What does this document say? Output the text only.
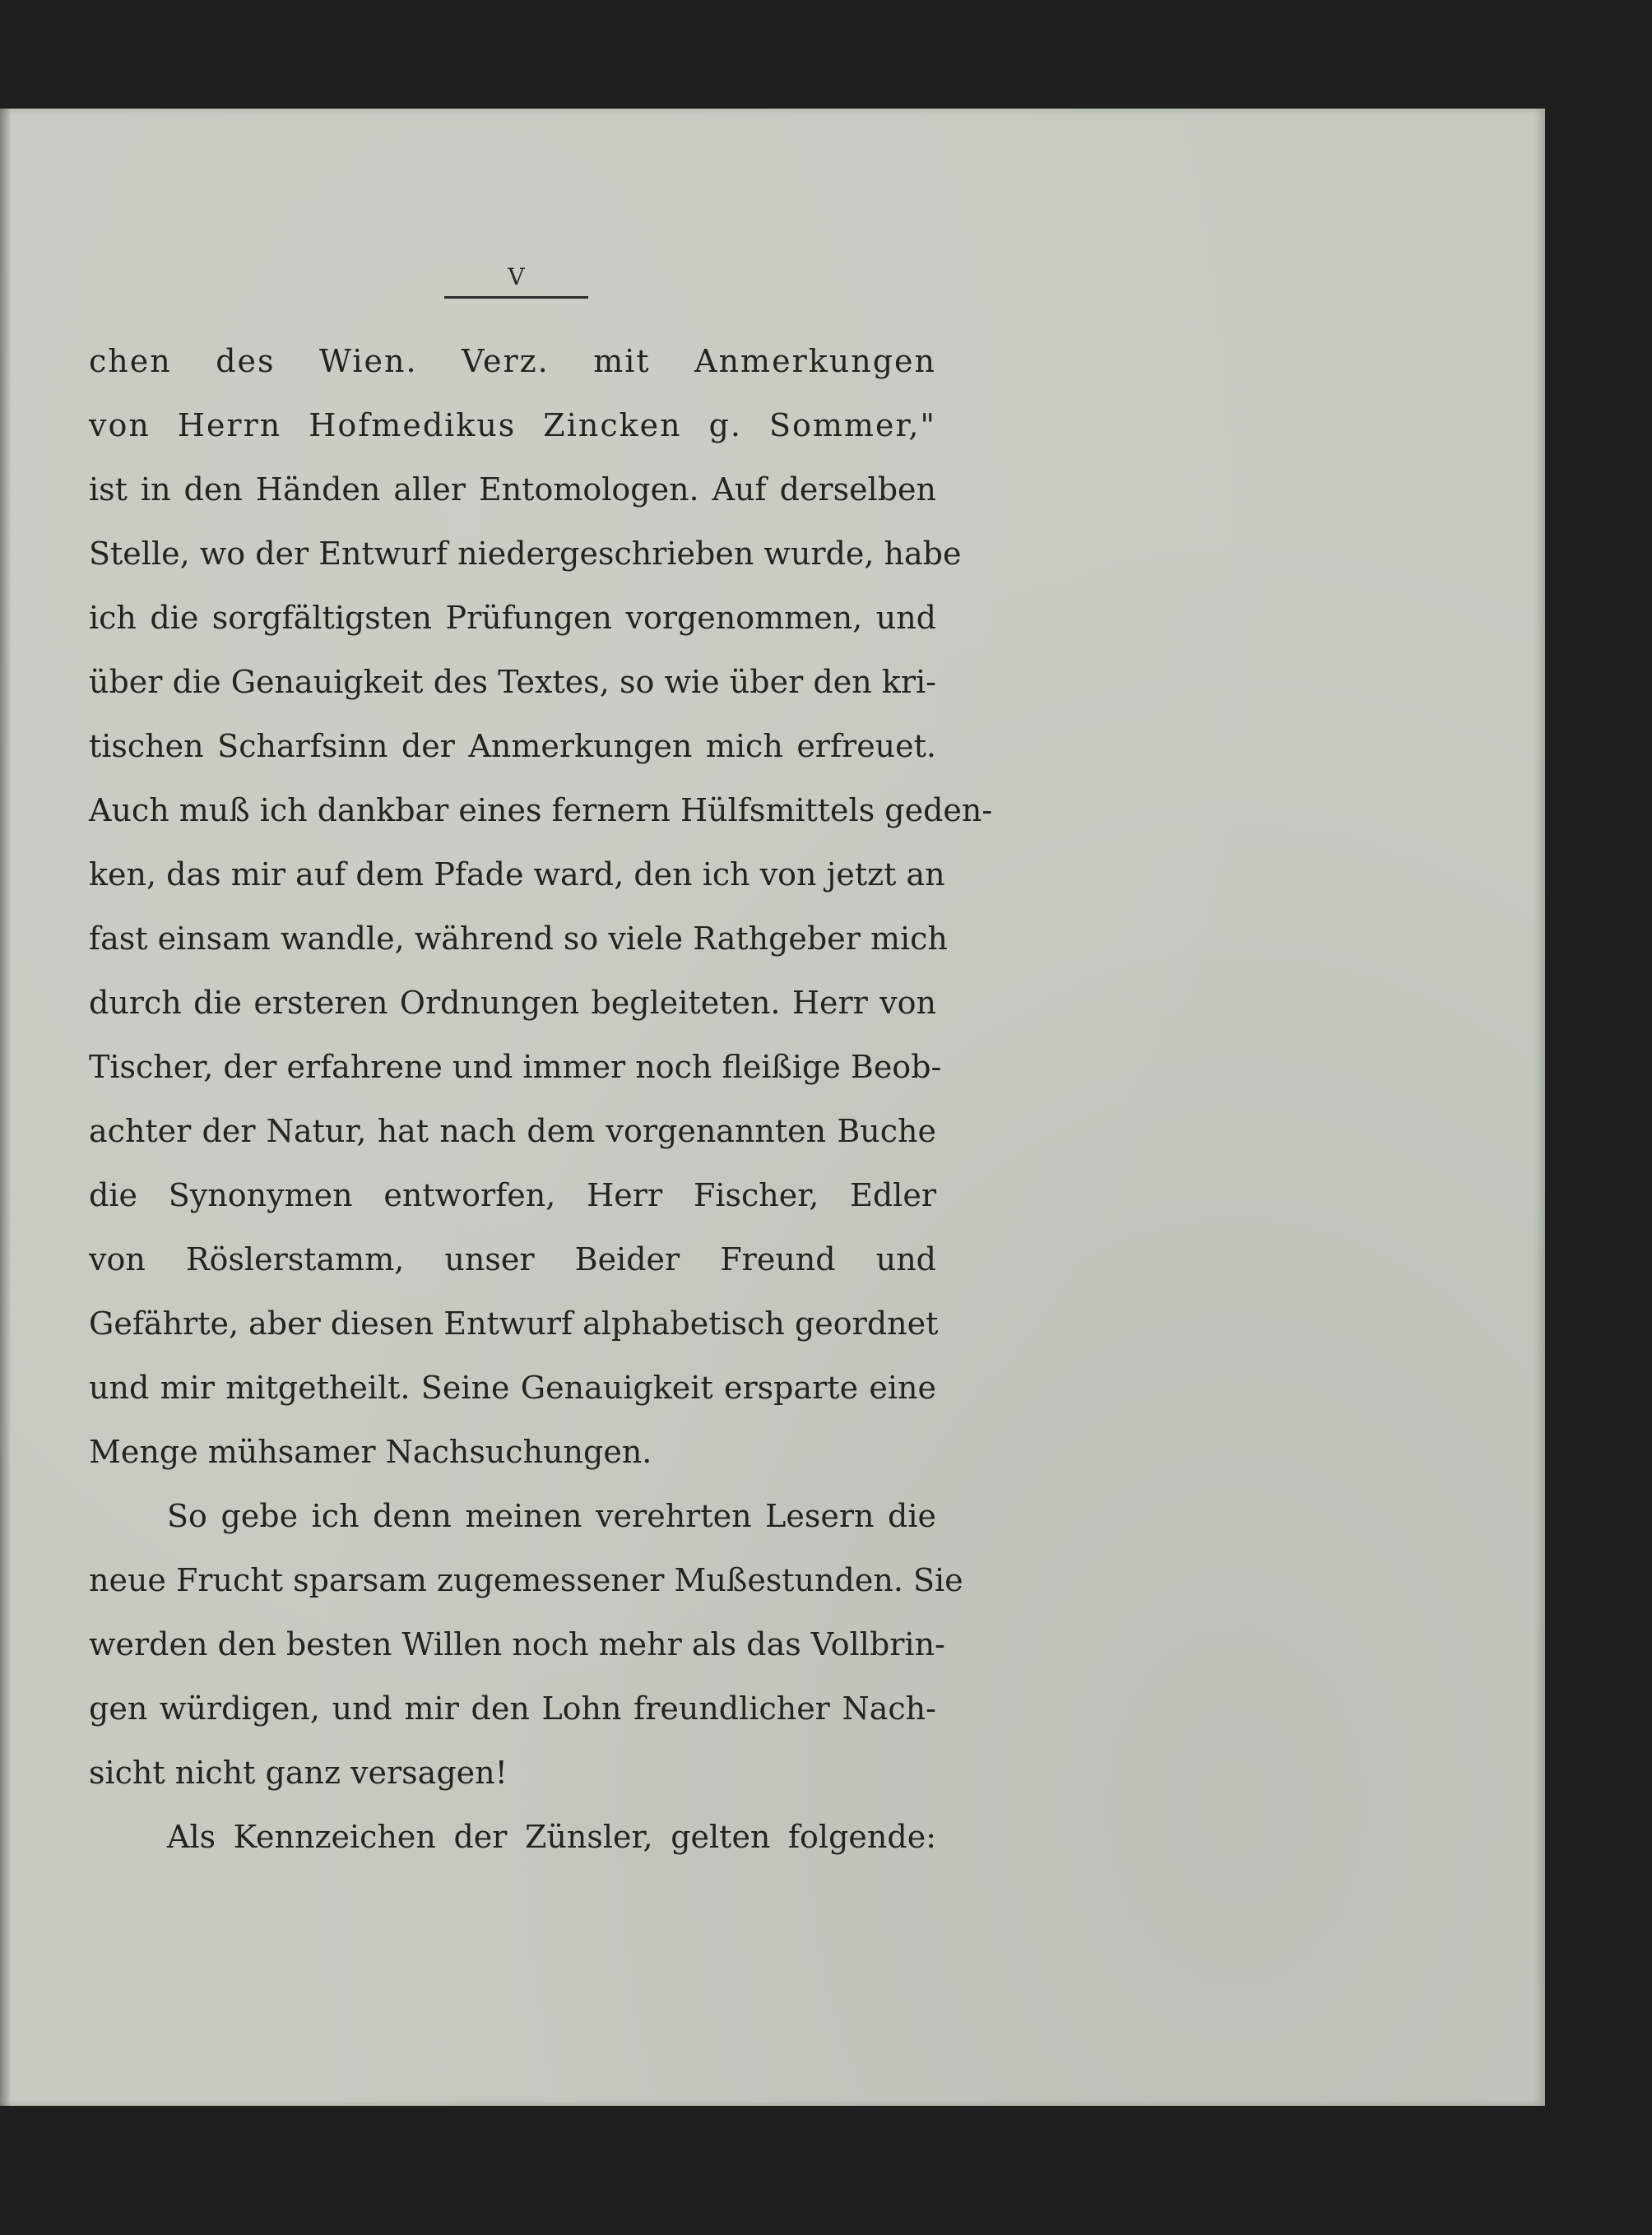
V
chen des Wien. Verz. mit Anmerkungen
von Herrn Hofmedikus Zincken g. Sommer,"
ist in den Händen aller Entomologen. Auf derselben
Stelle, wo der Entwurf niedergeschrieben wurde, habe
ich die sorgfältigsten Prüfungen vorgenommen, und
über die Genauigkeit des Textes, so wie über den kri-
tischen Scharfsinn der Anmerkungen mich erfreuet.
Auch muß ich dankbar eines fernern Hülfsmittels geden-
ken, das mir auf dem Pfade ward, den ich von jetzt an
fast einsam wandle, während so viele Rathgeber mich
durch die ersteren Ordnungen begleiteten. Herr von
Tischer, der erfahrene und immer noch fleißige Beob-
achter der Natur, hat nach dem vorgenannten Buche
die Synonymen entworfen, Herr Fischer, Edler
von Röslerstamm, unser Beider Freund und
Gefährte, aber diesen Entwurf alphabetisch geordnet
und mir mitgetheilt. Seine Genauigkeit ersparte eine
Menge mühsamer Nachsuchungen.
So gebe ich denn meinen verehrten Lesern die
neue Frucht sparsam zugemessener Mußestunden. Sie
werden den besten Willen noch mehr als das Vollbrin-
gen würdigen, und mir den Lohn freundlicher Nach-
sicht nicht ganz versagen!
Als Kennzeichen der Zünsler, gelten folgende:
